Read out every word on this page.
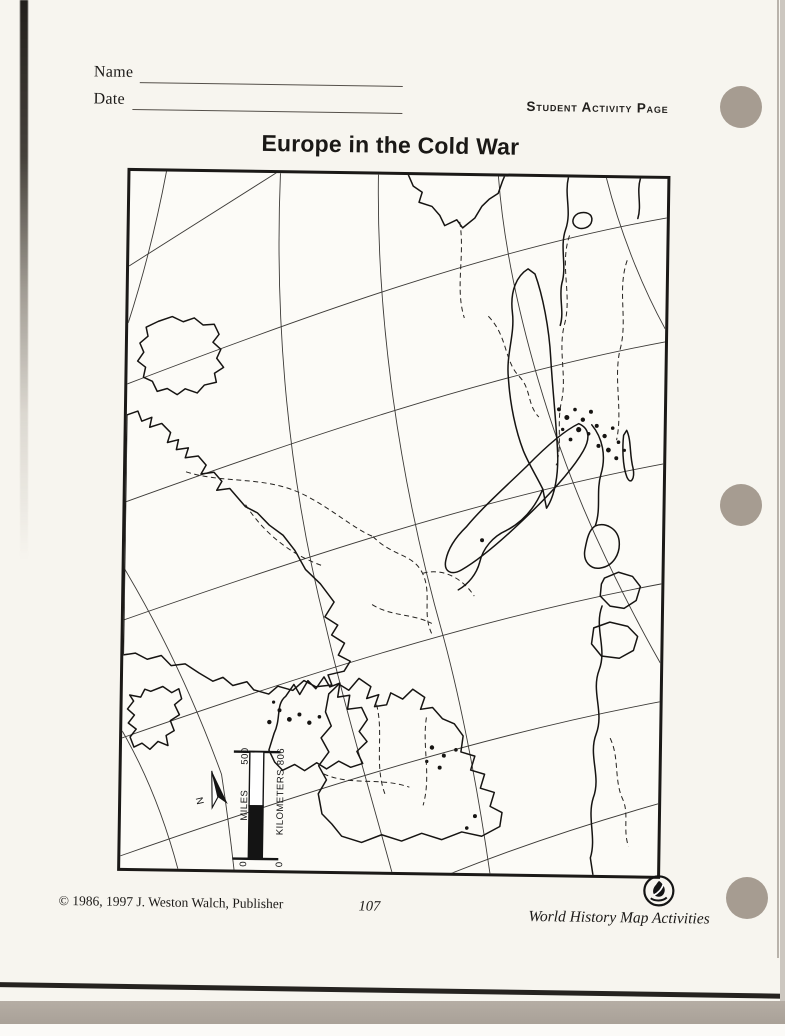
Name
Date	Student Activity Page
Europe in the Cold War
500
MILES
0
806
KILOMETERS
0
N
© 1986, 1997 J. Weston Walch, Publisher	107
World History Map Activities
